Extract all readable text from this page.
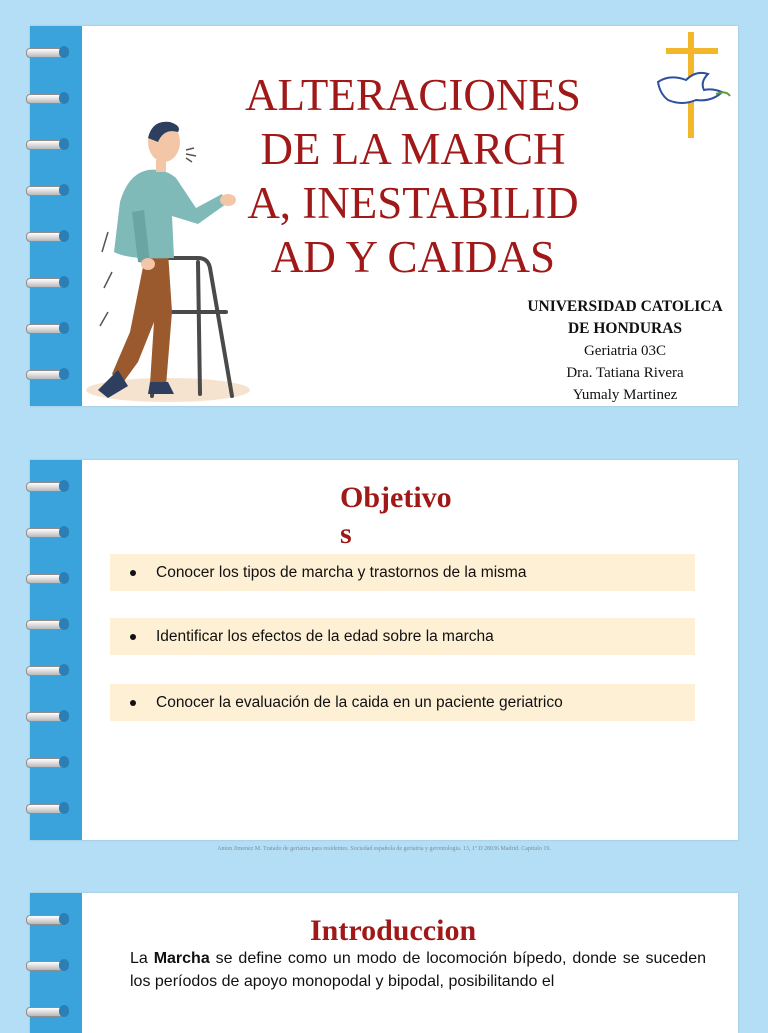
ALTERACIONES DE LA MARCHA, INESTABILIDAD Y CAIDAS
UNIVERSIDAD CATOLICA
DE HONDURAS
Geriatria 03C
Dra. Tatiana Rivera
Yumaly Martinez
Objetivos
Conocer los tipos de marcha y trastornos de la misma
Identificar los efectos de la edad sobre la marcha
Conocer la evaluación de la caida en un paciente geriatrico
Anton Jimenez M. Tratado de geriatria para residentes. Sociedad española de geriatria y gerontologia. 13, 1º D 28036 Madrid. Capitulo 19.
Introduccion
La Marcha se define como un modo de locomoción bípedo, donde se suceden los períodos de apoyo monopodal y bipodal, posibilitando el
